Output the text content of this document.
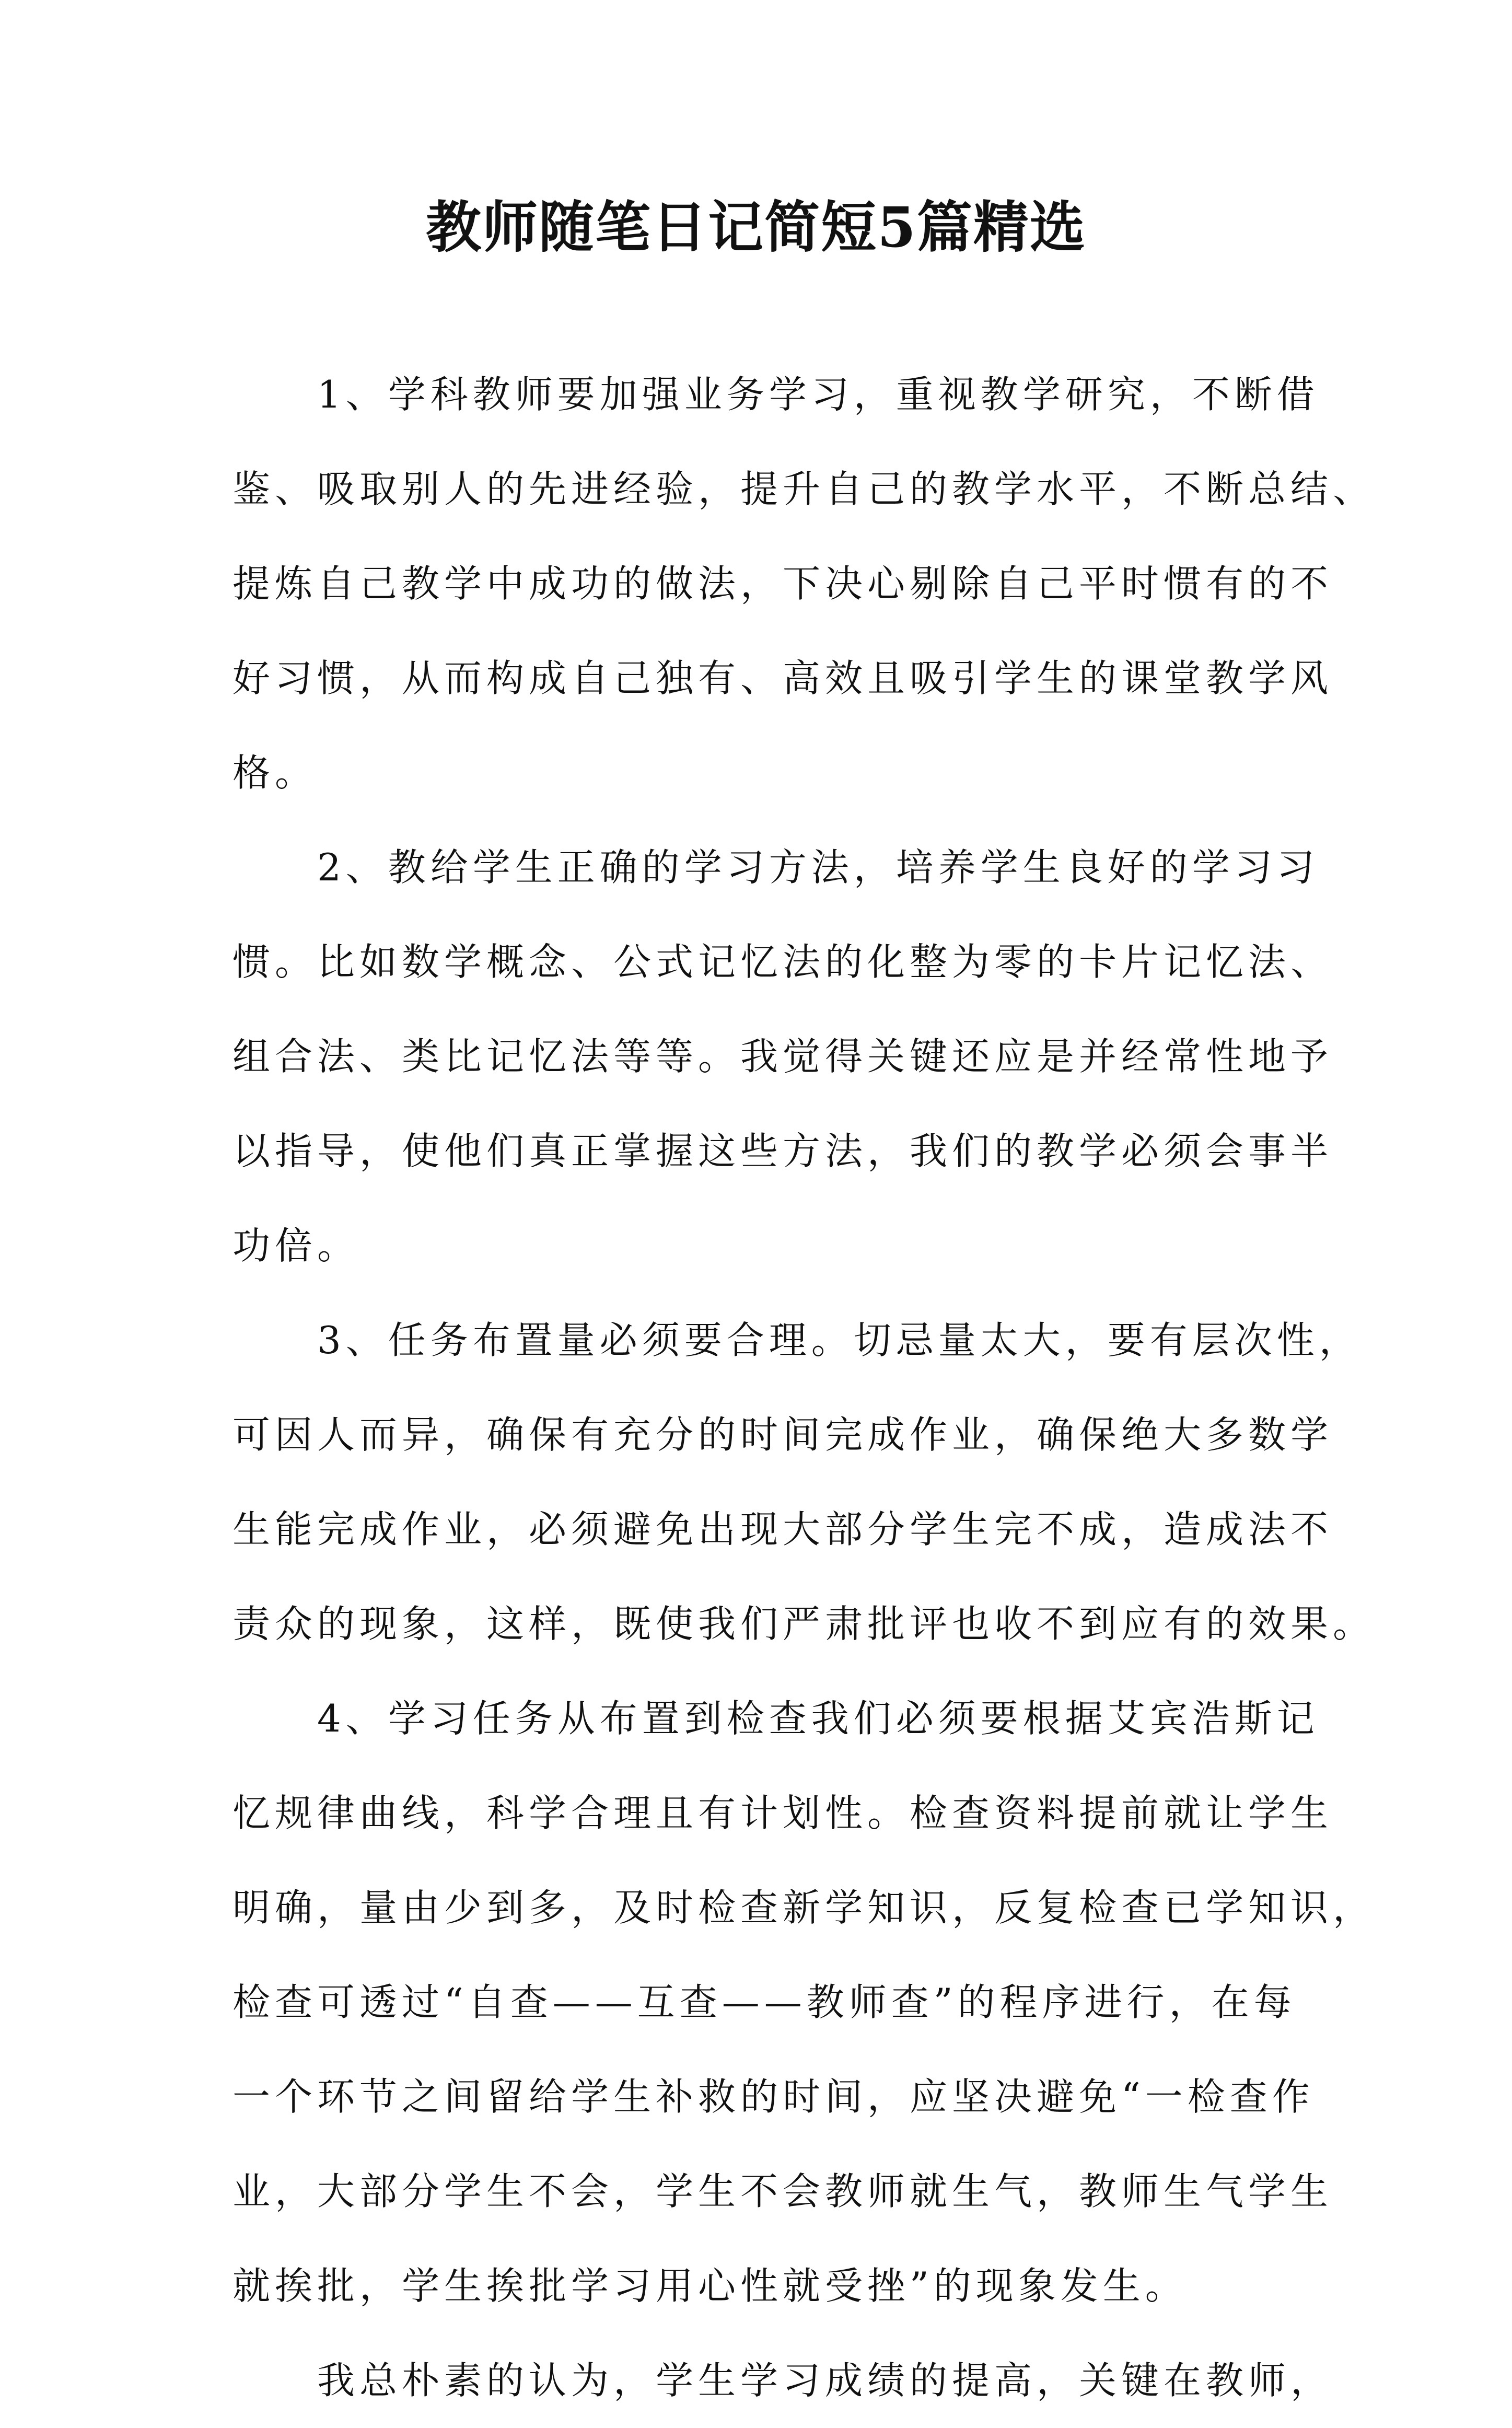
教师随笔日记简短5篇精选
1、学科教师要加强业务学习，重视教学研究，不断借
鉴、吸取别人的先进经验，提升自己的教学水平，不断总结、
提炼自己教学中成功的做法，下决心剔除自己平时惯有的不
好习惯，从而构成自己独有、高效且吸引学生的课堂教学风
格。
2、教给学生正确的学习方法，培养学生良好的学习习
惯。比如数学概念、公式记忆法的化整为零的卡片记忆法、
组合法、类比记忆法等等。我觉得关键还应是并经常性地予
以指导，使他们真正掌握这些方法，我们的教学必须会事半
功倍。
3、任务布置量必须要合理。切忌量太大，要有层次性，
可因人而异，确保有充分的时间完成作业，确保绝大多数学
生能完成作业，必须避免出现大部分学生完不成，造成法不
责众的现象，这样，既使我们严肃批评也收不到应有的效果。
4、学习任务从布置到检查我们必须要根据艾宾浩斯记
忆规律曲线，科学合理且有计划性。检查资料提前就让学生
明确，量由少到多，及时检查新学知识，反复检查已学知识，
检查可透过“自查——互查——教师查”的程序进行，在每
一个环节之间留给学生补救的时间，应坚决避免“一检查作
业，大部分学生不会，学生不会教师就生气，教师生气学生
就挨批，学生挨批学习用心性就受挫”的现象发生。
我总朴素的认为，学生学习成绩的提高，关键在教师，
